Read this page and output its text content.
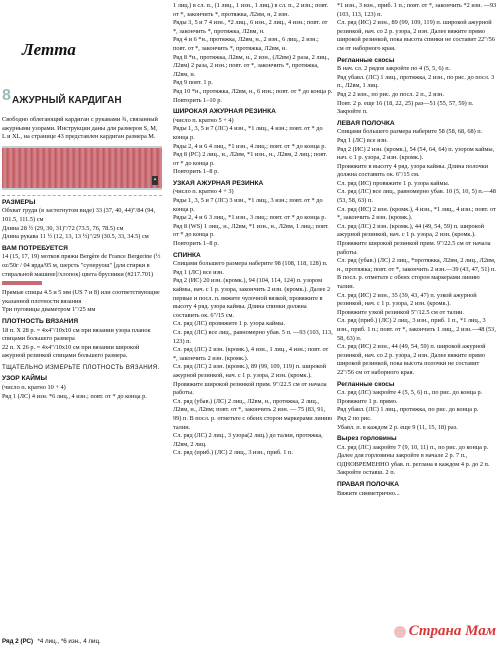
Летта
8 АЖУРНЫЙ КАРДИГАН

Свободно облегающий кардиган с рукавами ¾, связанный ажурными узорами. Инструкции даны для размеров S, M, L и XL, на странице 43 представлен кардиган размера M.

▪
РАЗМЕРЫ

Обхват груди (в застегнутом виде) 33 (37, 40, 44)"/84 (94, 101.5, 111.5) см

Длина 28 ½ (29, 30, 31)"/72 (73.5, 76, 78.5) см

Длина рукава 11 ½ (12, 13, 13 ½)"/29 (30.5, 33, 34.5) см

ВАМ ПОТРЕБУЕТСЯ

14 (15, 17, 19) мотков пряжи Bergère de France Bergerine (½ oz/50г / 04 ярда/95 м, шерсть "суперуош" [для стирки в стиральной машине]/хлопок) цвета брусники (#217.701)

Прямые спицы 4.5 и 5 мм (US 7 и 8) или соответствующие указанной плотности вязания

Три пуговицы диаметром 1"/25 мм

ПЛОТНОСТЬ ВЯЗАНИЯ

18 п. Х 28 р. = 4х4"/10х10 см при вязании узора планок спицами большего размера

22 п. Х 26 р. = 4х4"/10х10 см при вязании широкой ажурной резинкой спицами большего размера.

ТЩАТЕЛЬНО ИЗМЕРЬТЕ ПЛОТНОСТЬ ВЯЗАНИЯ.
УЗОР КАЙМЫ

(число п. кратно 10 + 4)

Ряд 1 (ЛС) 4 изн. *6 лиц., 4 изн.; повт. от * до конца р.

Ряд 2 (РС) *4 лиц., *6 изн., 4 лиц.

1 лиц.) в сл. п., (1 лиц., 1 изн., 1 лиц.) в сл. п., 2 изн.; повт. от *, закончить *, протяжка, Л2вм, н, 2 изн.

Ряды 3, 5 и 7 4 изн., *2 лиц., 6 изн., 2 лиц., 4 изн.; повт. от *, закончить *, протяжка, Л2вм, н.

Ряд 4 и 6 *н., протяжка, Л2вм, н., 2 изн., 6 лиц., 2 изн.; повт. от *, закончить *, протяжка, Л2вм, н.

Ряд 8 *н., протяжка, Л2вм, н., 2 изн., (Л2вм) 2 раза, 2 лиц., Л2вм) 2 раза, 2 изн.; повт. от *, закончить *, протяжка, Л2вм, н.

Ряд 9 повт. 1 р.

Ряд 10 *н., протяжка, Л2вм, н., 6 изн.; повт. от * до конца р.

Повторить 1–10 р.

ШИРОКАЯ АЖУРНАЯ РЕЗИНКА

(число п. кратно 5 + 4)

Ряды 1, 3, 5 и 7 (ЛС) 4 изн., *1 лиц., 4 изн.; повт. от * до конца р.

Ряды 2, 4 и 6 4 лиц., *1 изн., 4 лиц.; повт. от * до конца р.

Ряд 8 (РС) 2 лиц., н., Л2вм, *1 изн., н., Л2вм, 2 лиц.; повт. от * до конца р.

Повторить 1–8 р.

УЗКАЯ АЖУРНАЯ РЕЗИНКА

(число п. кратно 4 + 3)

Ряды 1, 3, 5 и 7 (ЛС) 3 изн., *1 лиц., 3 изн.; повт. от * до конца р.

Ряды 2, 4 и 6 3 лиц., *1 изн., 3 лиц.; повт. от * до конца р.

Ряд 8 (WS) 1 лиц., н., Л2вм, *1 изн., н., Л2вм, 1 лиц.; повт. от * до конца р.

Повторить 1–8 р.

СПИНКА

Спицами большего размера наберите 98 (108, 118, 128) п.

Ряд 1 (ЛС) все изн.

Ряд 2 (ИС) 20 изн. (кромк.), 94 (104, 114, 124) п. узором каймы, нач. с 1 р. узора, закончить 2 изн. (кромк.). Далее 2 первые и посл. п. вяжите чулочной вязкой, провяжите в высоту 4 ряд. узора каймы. Длина спинки должна составить ок. 6"/15 см.

Сл. ряд (ЛС) провяжите 1 р. узора каймы.

Сл. ряд (ЛС) все лиц., равномерно убав. 5 п. —93 (103, 113, 123) п.

Сл. ряд (ЛС) 2 изн. (кромк.), 4 изн., 1 лиц., 4 изн.; повт. от *, закончить 2 изн. (кромк.).

Сл. ряд (ЛС) 2 изн. (кромк.), 89 (99, 109, 119) п. широкой ажурной резинкой, нач. с 1 р. узора, 2 изн. (кромк.). Провяжите широкой резинкой прим. 9"/22.5 см от начала работы.

Сл. ряд (убав.) (ЛС) 2 лиц., Л2вм, н., протяжка, 2 лиц., Л2вм, н., Л2вм; повт. от *, закончить 2 изн. — 75 (83, 91, 99) п. В посл. р. отметьте с обеих сторон маркерами линию талии.

Сл. ряд (ЛС) 2 лиц., 3 узора(2 лиц.) до талии, протяжка, Л2вм, 2 лиц.

Сл. ряд (приб.) (ЛС) 2 лиц., 3 изн., приб. 1 п.

*1 изн., 3 изн., приб. 1 п.; повт. от *, закончить *2 изн. —93 (103, 113, 123) п.

Сл. ряд (ИС) 2 изн., 89 (99, 109, 119) п. широкой ажурной резинкой, нач. со 2 р. узора, 2 изн. Далее вяжите прямо широкой резинкой, пока высота спинки не составит 22"/56 см от наборного края.

Регланные скосы

В нач. сл. 2 рядов закройте по 4 (5, 5, 6) п.

Ряд убавл. (ЛС) 1 лиц., протяжка, 2 изн., по рис. до посл. 3 п., Л2вм, 1 лиц.

Ряд 2 2 изн., по рис. до посл. 2 п., 2 изн.

Повт. 2 р. еще 16 (18, 22, 25) раз—51 (55, 57, 59) п. Закройте п.

ЛЕВАЯ ПОЛОЧКА

Спицами большего размера наберите 58 (58, 68, 68) п.

Ряд 1 (ЛС) все изн.

Ряд 2 (ИС) 2 изн. (кромк.), 54 (54, 64, 64) п. узором каймы, нач. с 1 р. узора, 2 изн. (кромк.).

Провяжите в высоту 4 ряд. узора каймы. Длина полочки должна составить ок. 6"/15 см.

Сл. ряд (ИС) провяжите 1 р. узора каймы.

Сл. ряд (ЛС) все лиц., равномерно убав. 10 (5, 10, 5) п.—48 (53, 58, 63) п.

Сл. ряд (ИС) 2 изн. (кромк.), 4 изн., *1 лиц., 4 изн.; повт. от *, закончить 2 изн. (кромк.).

Сл. ряд (ЛС) 2 изн. (кромк.), 44 (49, 54, 59) п. широкой ажурной резинкой, нач. с 1 р. узора, 2 изн. (кромк.). Провяжите широкой резинкой прим. 9"/22.5 см от начала работы.

Сл. ряд (убав.) (ЛС) 2 лиц., *протяжка, Л2вм, 2 лиц., Л2вм, н., протяжка; повт. от *, закончить 2 изн.—39 (43, 47, 51) п. В посл. р. отметьте с обеих сторон маркерами линию талии.

Сл. ряд (ИС) 2 изн., 35 (39, 43, 47) п. узкой ажурной резинкой, нач. с 1 р. узора, 2 изн. (кромк.).

Провяжите узкой резинкой 5"/12.5 см от талии.

Сл. ряд (приб.) (ЛС) 2 лиц., 3 изн., приб. 1 п., *1 лиц., 3 изн., приб. 1 п.; повт. от *, закончить 1 лиц., 2 изн.—48 (53, 58, 63) п.

Сл. ряд (ИС) 2 изн., 44 (49, 54, 59) п. широкой ажурной резинкой, нач. со 2 р. узора, 2 изн. Далее вяжите прямо широкой резинкой, пока высота полочки не составит 22"/56 см от наборного края.

Регланные скосы

Сл. ряд (ЛС) закройте 4 (5, 5, 6) п., по рис. до конца р. Провяжите 1 р. прямо.

Ряд убавл. (ЛС) 1 лиц., протяжка, по рис. до конца р.

Ряд 2 по рис.

Убавл. п. в каждом 2 р. еще 9 (11, 15, 18) раз.

Вырез горловины

Сл. ряд (ЛС) закройте 7 (9, 10, 11) п., по рис. до конца р. Далее для горловины закройте в начале 2 р. 7 п., ОДНОВРЕМЕННО убав. п. реглана в каждом 4 р. до 2 п. Закройте оставш. 2 п.

ПРАВАЯ ПОЛОЧКА

Вяжите симметрично...

Страна Мам
